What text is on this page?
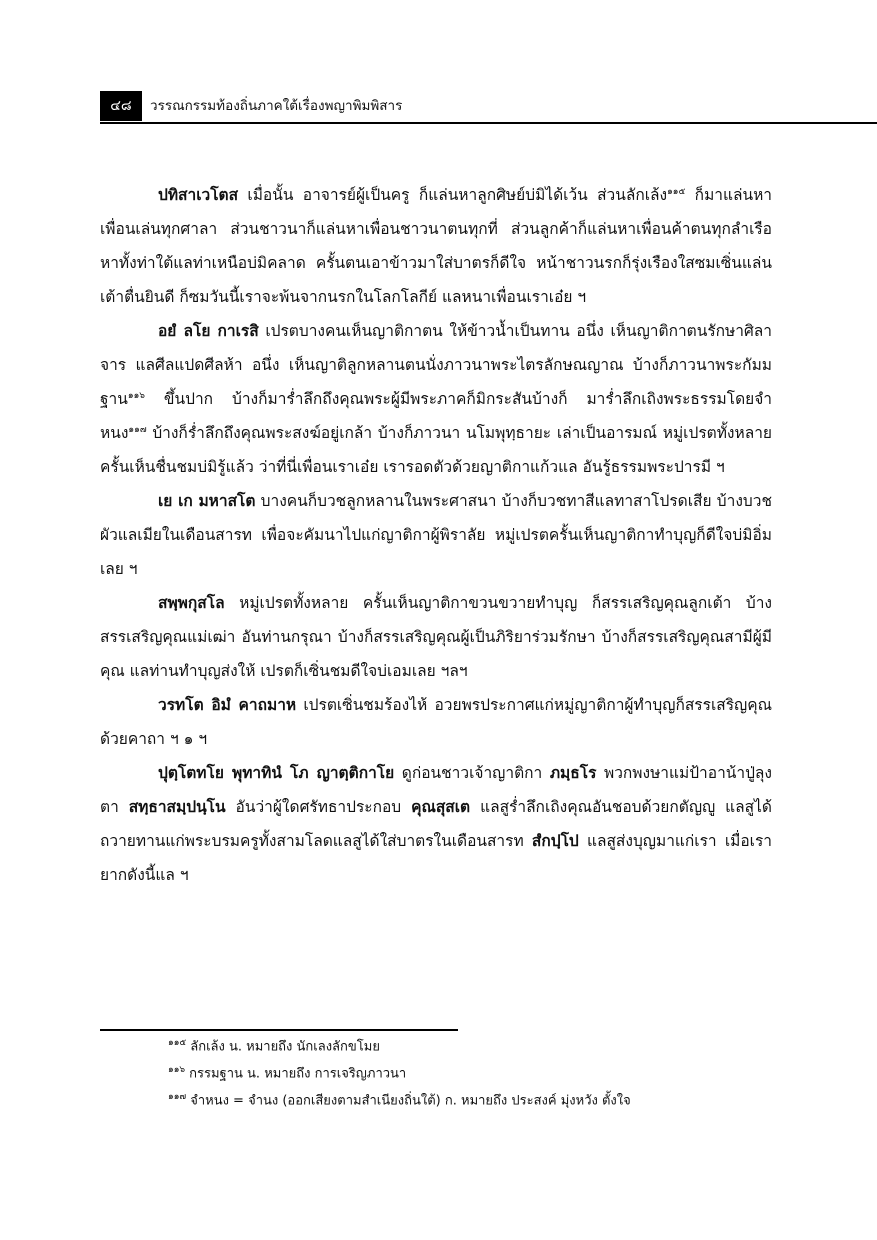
๔๘	วรรณกรรมท้องถิ่นภาคใต้เรื่องพญาพิมพิสาร

ปทิสาเวโตส เมื่อนั้น อาจารย์ผู้เป็นครู ก็แล่นหาลูกศิษย์บ่มิได้เว้น ส่วนลักเล้ง$^{๑๑๕}$ ก็มาแล่นหาเพื่อนเล่นทุกศาลา ส่วนชาวนาก็แล่นหาเพื่อนชาวนาตนทุกที่ ส่วนลูกค้าก็แล่นหาเพื่อนค้าตนทุกลำเรือ หาทั้งท่าใต้แลท่าเหนือบ่มิคลาด ครั้นตนเอาข้าวมาใส่บาตรก็ดีใจ หน้าชาวนรกก็รุ่งเรืองใสซมเซิ่นแล่นเต้าตื่นยินดี ก็ซมวันนี้เราจะพ้นจากนรกในโลกโลกีย์ แลหนาเพื่อนเราเอ๋ย ฯ

อยํ ลโย กาเรสิ เปรตบางคนเห็นญาติกาตน ให้ข้าวน้ำเป็นทาน อนึ่ง เห็นญาติกาตนรักษาศิลาจาร แลศีลแปดศีลห้า อนึ่ง เห็นญาติลูกหลานตนนั่งภาวนาพระไตรลักษณญาณ บ้างก็ภาวนาพระกัมมฐาน$^{๑๑๖}$ ขึ้นปาก บ้างก็มาร่ำลึกถึงคุณพระผู้มีพระภาคก็มิกระสันบ้างก็ มาร่ำลึกเถิงพระธรรมโดยจำหนง$^{๑๑๗}$ บ้างก็ร่ำลึกถึงคุณพระสงฆ์อยู่เกล้า บ้างก็ภาวนา นโมพุทฺธายะ เล่าเป็นอารมณ์ หมู่เปรตทั้งหลาย ครั้นเห็นชื่นชมบ่มิรู้แล้ว ว่าที่นี่เพื่อนเราเอ๋ย เรารอดตัวด้วยญาติกาแก้วแล อันรู้ธรรมพระปารมี ฯ

เย เก มหาสโต บางคนก็บวชลูกหลานในพระศาสนา บ้างก็บวชทาสีแลทาสาโปรดเสีย บ้างบวชผัวแลเมียในเดือนสารท เพื่อจะคัมนาไปแก่ญาติกาผู้พิราลัย หมู่เปรตครั้นเห็นญาติกาทำบุญก็ดีใจบ่มิอิ่มเลย ฯ

สพฺพกุสโล หมู่เปรตทั้งหลาย ครั้นเห็นญาติกาขวนขวายทำบุญ ก็สรรเสริญคุณลูกเต้า บ้างสรรเสริญคุณแม่เฒ่า อันท่านกรุณา บ้างก็สรรเสริญคุณผู้เป็นภิริยาร่วมรักษา บ้างก็สรรเสริญคุณสามีผู้มีคุณ แลท่านทำบุญส่งให้ เปรตก็เซิ่นชมดีใจบ่เอมเลย ฯลฯ

วรทโต อิมํ คาถมาห เปรตเซิ่นชมร้องไห้ อวยพรประกาศแก่หมู่ญาติกาผู้ทำบุญก็สรรเสริญคุณด้วยคาถา ฯ ๑ ฯ

ปุตฺโตทโย พุทาทินํ โภ ญาตฺติกาโย ดูก่อนชาวเจ้าญาติกา ภมฺธโร พวกพงษาแม่ป้าอาน้าปู่ลุงตา สทฺธาสมฺปนฺโน อันว่าผู้ใดศรัทธาประกอบ คุณสุสเต แลสูร่ำลึกเถิงคุณอันชอบด้วยกตัญญู แลสูได้ถวายทานแก่พระบรมครูทั้งสามโลดแลสูได้ใส่บาตรในเดือนสารท สํกปฺโป แลสูส่งบุญมาแก่เรา เมื่อเรายากดังนี้แล ฯ

$^{๑๑๕}$ ลักเล้ง น. หมายถึง นักเลงลักขโมย
$^{๑๑๖}$ กรรมฐาน น. หมายถึง การเจริญภาวนา
$^{๑๑๗}$ จำหนง = จำนง (ออกเสียงตามสำเนียงถิ่นใต้) ก. หมายถึง ประสงค์ มุ่งหวัง ตั้งใจ
